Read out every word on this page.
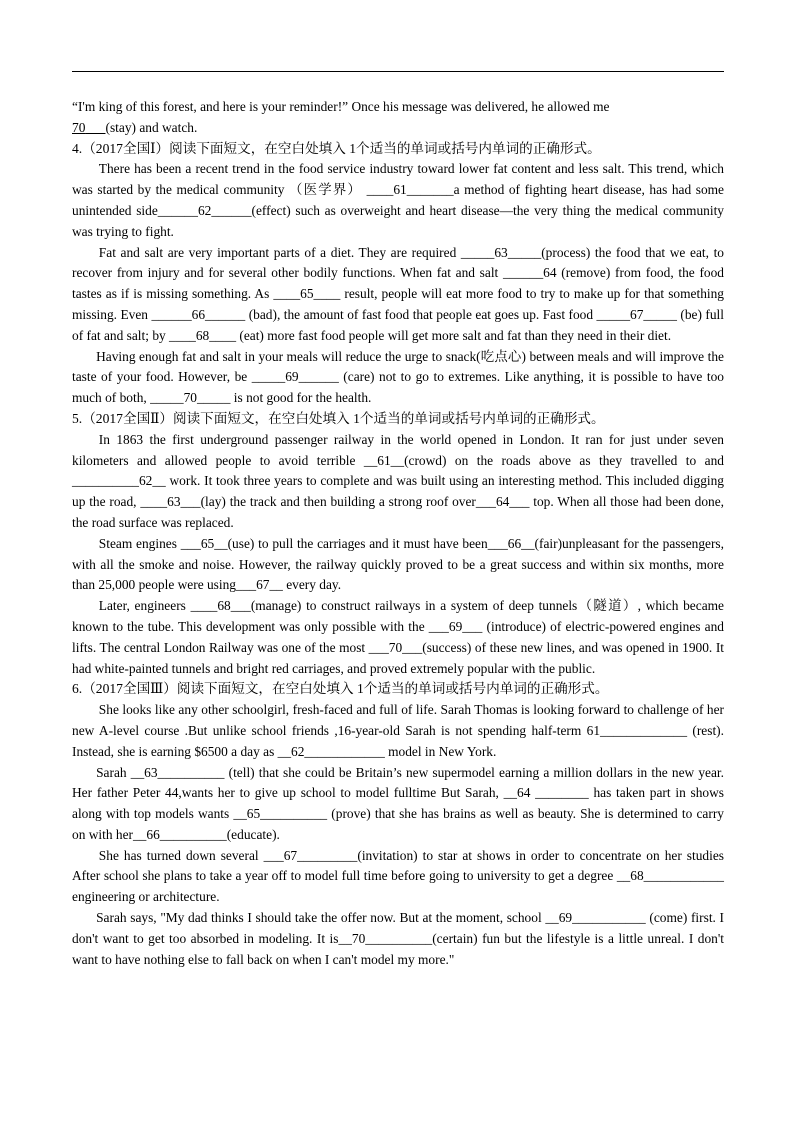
“I'm king of this forest, and here is your reminder!” Once his message was delivered, he allowed me

70 (stay) and watch.

4.（2017全国Ⅰ）阅读下面短文，在空白处填入 1个适当的单词或括号内单词的正确形式。

There has been a recent trend in the food service industry toward lower fat content and less salt. This trend, which was started by the medical community （医学界） ____61_______a method of fighting heart disease, has had some unintended side______62______(effect) such as overweight and heart disease—the very thing the medical community was trying to fight.

Fat and salt are very important parts of a diet. They are required _____63_____(process) the food that we eat, to recover from injury and for several other bodily functions. When fat and salt ______64 (remove) from food, the food tastes as if is missing something. As ____65____ result, people will eat more food to try to make up for that something missing. Even ______66______ (bad), the amount of fast food that people eat goes up. Fast food _____67_____ (be) full of fat and salt; by ____68____ (eat) more fast food people will get more salt and fat than they need in their diet.

Having enough fat and salt in your meals will reduce the urge to snack(吃点心) between meals and will improve the taste of your food. However, be _____69______ (care) not to go to extremes. Like anything, it is possible to have too much of both, _____70_____ is not good for the health.

5.（2017全国Ⅱ）阅读下面短文，在空白处填入 1个适当的单词或括号内单词的正确形式。

In 1863 the first underground passenger railway in the world opened in London. It ran for just under seven kilometers and allowed people to avoid terrible __61__(crowd) on the roads above as they travelled to and __________62__ work. It took three years to complete and was built using an interesting method. This included digging up the road, ____63___(lay) the track and then building a strong roof over___64___ top. When all those had been done, the road surface was replaced.

Steam engines ___65__(use) to pull the carriages and it must have been___66__(fair)unpleasant for the passengers, with all the smoke and noise. However, the railway quickly proved to be a great success and within six months, more than 25,000 people were using___67__ every day.

Later, engineers ____68___(manage) to construct railways in a system of deep tunnels（隧道）, which became known to the tube. This development was only possible with the ___69___ (introduce) of electric-powered engines and lifts. The central London Railway was one of the most ___70___(success) of these new lines, and was opened in 1900. It had white-painted tunnels and bright red carriages, and proved extremely popular with the public.

6.（2017全国Ⅲ）阅读下面短文，在空白处填入 1个适当的单词或括号内单词的正确形式。

She looks like any other schoolgirl, fresh-faced and full of life. Sarah Thomas is looking forward to challenge of her new A-level course .But unlike school friends ,16-year-old Sarah is not spending half-term 61_____________ (rest). Instead, she is earning $6500 a day as __62____________ model in New York.

Sarah __63__________ (tell) that she could be Britain’s new supermodel earning a million dollars in the new year. Her father Peter 44,wants her to give up school to model fulltime But Sarah, __64 ________ has taken part in shows along with top models wants __65__________ (prove) that she has brains as well as beauty. She is determined to carry on with her__66__________(educate).

She has turned down several ___67_________(invitation) to star at shows in order to concentrate on her studies After school she plans to take a year off to model full time before going to university to get a degree __68____________ engineering or architecture.

Sarah says, "My dad thinks I should take the offer now. But at the moment, school __69___________ (come) first. I don't want to get too absorbed in modeling. It is__70__________(certain) fun but the lifestyle is a little unreal. I don't want to have nothing else to fall back on when I can't model my more."
